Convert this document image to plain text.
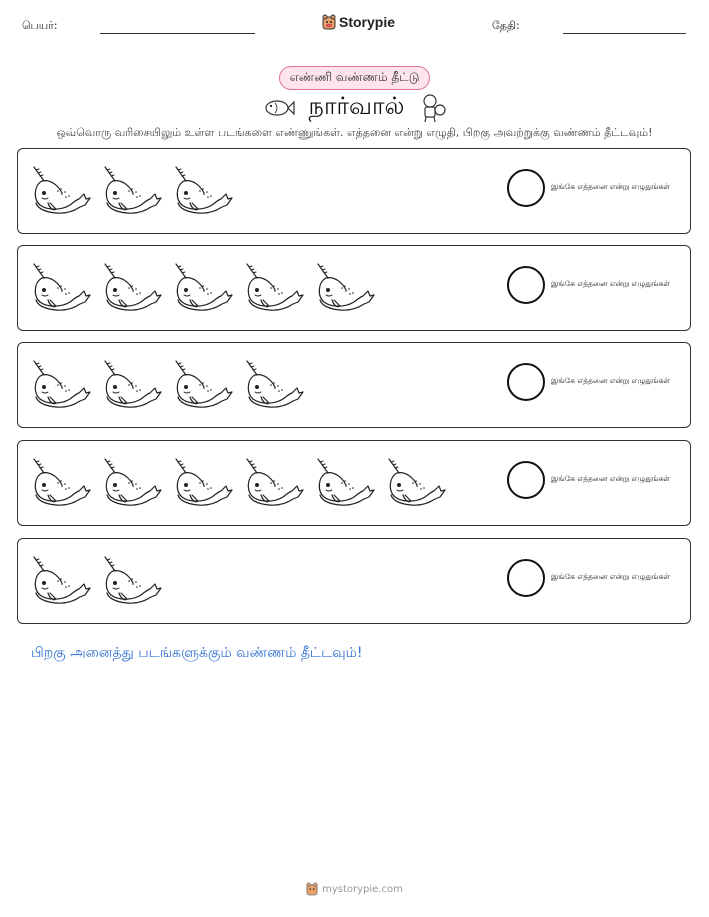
பெயர்:	Storypie	தேதி:
எண்ணி வண்ணம் தீட்டு
நார்வால்
ஒவ்வொரு வரிசையிலும் உள்ள படங்களை எண்ணுங்கள். எத்தனை என்று எழுதி, பிறகு அவற்றுக்கு வண்ணம் தீட்டவும்!
இங்கே எத்தனை என்று எழுதுங்கள்
இங்கே எத்தனை என்று எழுதுங்கள்
இங்கே எத்தனை என்று எழுதுங்கள்
இங்கே எத்தனை என்று எழுதுங்கள்
இங்கே எத்தனை என்று எழுதுங்கள்
பிறகு அனைத்து படங்களுக்கும் வண்ணம் தீட்டவும்!
mystorypie.com
